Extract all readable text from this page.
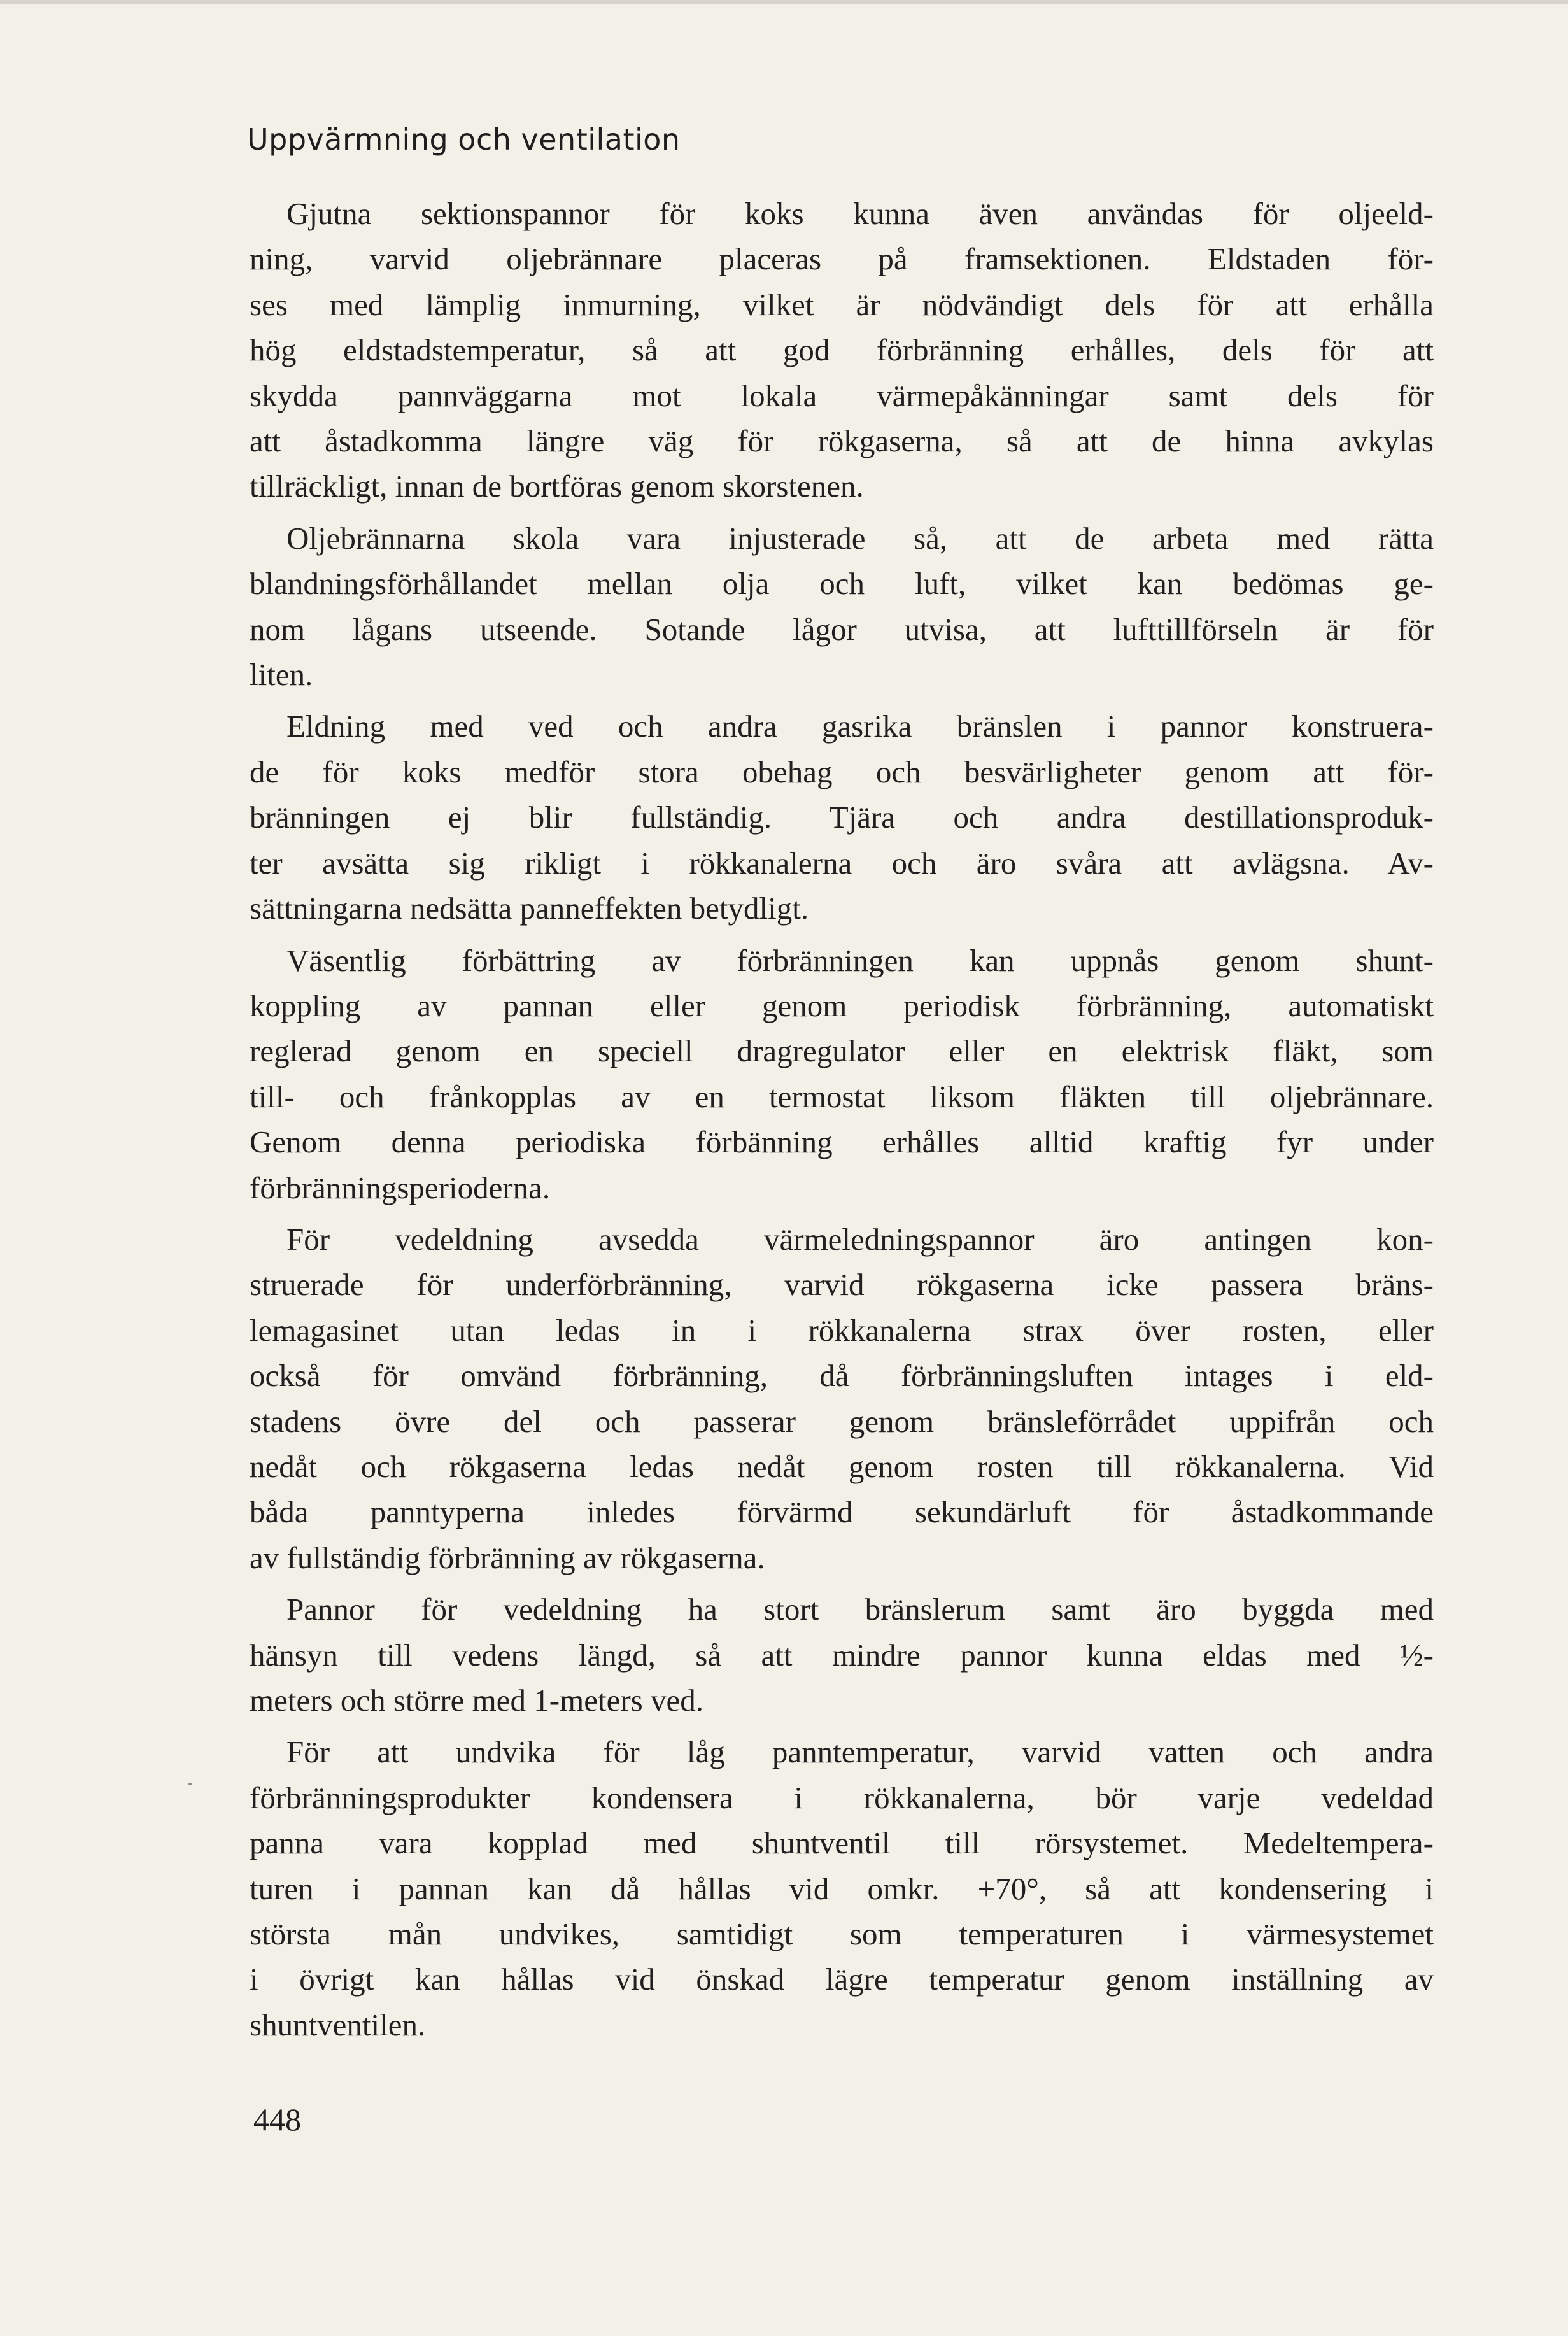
Uppvärmning och ventilation
Gjutna sektionspannor för koks kunna även användas för oljeeld-
ning, varvid oljebrännare placeras på framsektionen. Eldstaden för-
ses med lämplig inmurning, vilket är nödvändigt dels för att erhålla
hög eldstadstemperatur, så att god förbränning erhålles, dels för att
skydda pannväggarna mot lokala värmepåkänningar samt dels för
att åstadkomma längre väg för rökgaserna, så att de hinna avkylas
tillräckligt, innan de bortföras genom skorstenen.
Oljebrännarna skola vara injusterade så, att de arbeta med rätta
blandningsförhållandet mellan olja och luft, vilket kan bedömas ge-
nom lågans utseende. Sotande lågor utvisa, att lufttillförseln är för
liten.
Eldning med ved och andra gasrika bränslen i pannor konstruera-
de för koks medför stora obehag och besvärligheter genom att för-
bränningen ej blir fullständig. Tjära och andra destillationsproduk-
ter avsätta sig rikligt i rökkanalerna och äro svåra att avlägsna. Av-
sättningarna nedsätta panneffekten betydligt.
Väsentlig förbättring av förbränningen kan uppnås genom shunt-
koppling av pannan eller genom periodisk förbränning, automatiskt
reglerad genom en speciell dragregulator eller en elektrisk fläkt, som
till- och frånkopplas av en termostat liksom fläkten till oljebrännare.
Genom denna periodiska förbänning erhålles alltid kraftig fyr under
förbränningsperioderna.
För vedeldning avsedda värmeledningspannor äro antingen kon-
struerade för underförbränning, varvid rökgaserna icke passera bräns-
lemagasinet utan ledas in i rökkanalerna strax över rosten, eller
också för omvänd förbränning, då förbränningsluften intages i eld-
stadens övre del och passerar genom bränsleförrådet uppifrån och
nedåt och rökgaserna ledas nedåt genom rosten till rökkanalerna. Vid
båda panntyperna inledes förvärmd sekundärluft för åstadkommande
av fullständig förbränning av rökgaserna.
Pannor för vedeldning ha stort bränslerum samt äro byggda med
hänsyn till vedens längd, så att mindre pannor kunna eldas med ½-
meters och större med 1-meters ved.
För att undvika för låg panntemperatur, varvid vatten och andra
förbränningsprodukter kondensera i rökkanalerna, bör varje vedeldad
panna vara kopplad med shuntventil till rörsystemet. Medeltempera-
turen i pannan kan då hållas vid omkr. +70°, så att kondensering i
största mån undvikes, samtidigt som temperaturen i värmesystemet
i övrigt kan hållas vid önskad lägre temperatur genom inställning av
shuntventilen.
448
